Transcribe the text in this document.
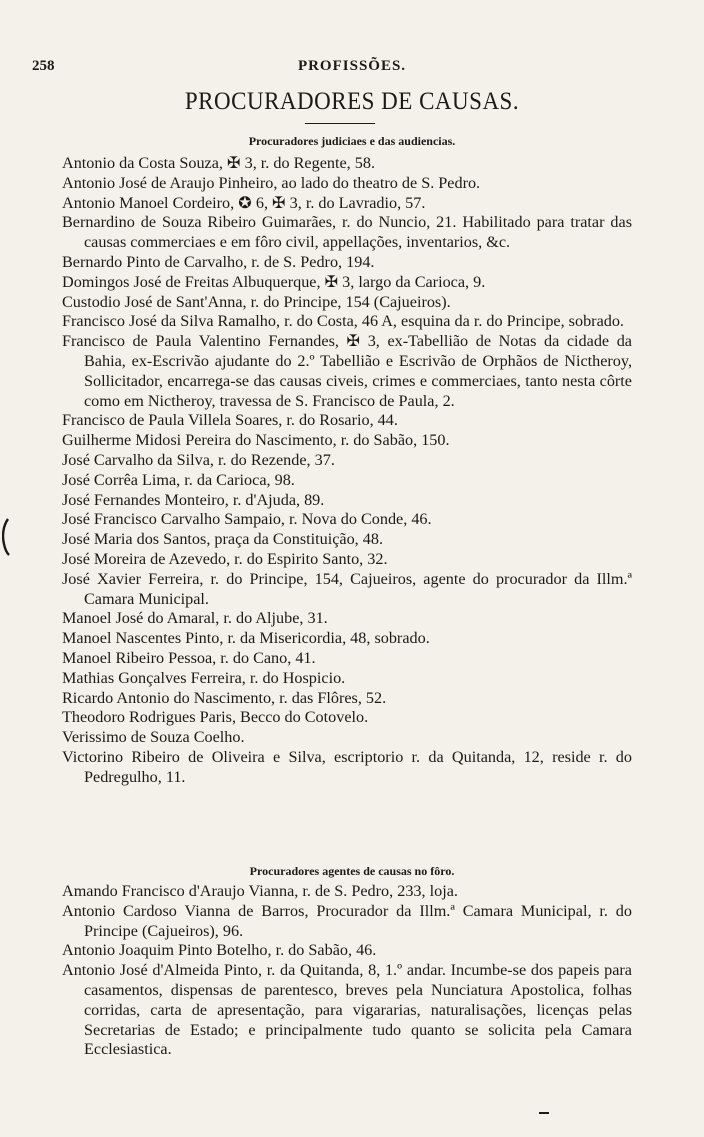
258	PROFISSÕES.
PROCURADORES DE CAUSAS.
Procuradores judiciaes e das audiencias.
Antonio da Costa Souza, ✠ 3, r. do Regente, 58.
Antonio José de Araujo Pinheiro, ao lado do theatro de S. Pedro.
Antonio Manoel Cordeiro, ✪ 6, ✠ 3, r. do Lavradio, 57.
Bernardino de Souza Ribeiro Guimarães, r. do Nuncio, 21. Habilitado para tratar das causas commerciaes e em fôro civil, appellações, inventarios, &c.
Bernardo Pinto de Carvalho, r. de S. Pedro, 194.
Domingos José de Freitas Albuquerque, ✠ 3, largo da Carioca, 9.
Custodio José de Sant'Anna, r. do Principe, 154 (Cajueiros).
Francisco José da Silva Ramalho, r. do Costa, 46 A, esquina da r. do Principe, sobrado.
Francisco de Paula Valentino Fernandes, ✠ 3, ex-Tabellião de Notas da cidade da Bahia, ex-Escrivão ajudante do 2.º Tabellião e Escrivão de Orphãos de Nictheroy, Sollicitador, encarrega-se das causas civeis, crimes e commerciaes, tanto nesta côrte como em Nictheroy, travessa de S. Francisco de Paula, 2.
Francisco de Paula Villela Soares, r. do Rosario, 44.
Guilherme Midosi Pereira do Nascimento, r. do Sabão, 150.
José Carvalho da Silva, r. do Rezende, 37.
José Corrêa Lima, r. da Carioca, 98.
José Fernandes Monteiro, r. d'Ajuda, 89.
José Francisco Carvalho Sampaio, r. Nova do Conde, 46.
José Maria dos Santos, praça da Constituição, 48.
José Moreira de Azevedo, r. do Espirito Santo, 32.
José Xavier Ferreira, r. do Principe, 154, Cajueiros, agente do procurador da Illm.ª Camara Municipal.
Manoel José do Amaral, r. do Aljube, 31.
Manoel Nascentes Pinto, r. da Misericordia, 48, sobrado.
Manoel Ribeiro Pessoa, r. do Cano, 41.
Mathias Gonçalves Ferreira, r. do Hospicio.
Ricardo Antonio do Nascimento, r. das Flôres, 52.
Theodoro Rodrigues Paris, Becco do Cotovelo.
Verissimo de Souza Coelho.
Victorino Ribeiro de Oliveira e Silva, escriptorio r. da Quitanda, 12, reside r. do Pedregulho, 11.
Procuradores agentes de causas no fôro.
Amando Francisco d'Araujo Vianna, r. de S. Pedro, 233, loja.
Antonio Cardoso Vianna de Barros, Procurador da Illm.ª Camara Municipal, r. do Principe (Cajueiros), 96.
Antonio Joaquim Pinto Botelho, r. do Sabão, 46.
Antonio José d'Almeida Pinto, r. da Quitanda, 8, 1.º andar. Incumbe-se dos papeis para casamentos, dispensas de parentesco, breves pela Nunciatura Apostolica, folhas corridas, carta de apresentação, para vigararias, naturalisações, licenças pelas Secretarias de Estado; e principalmente tudo quanto se solicita pela Camara Ecclesiastica.
